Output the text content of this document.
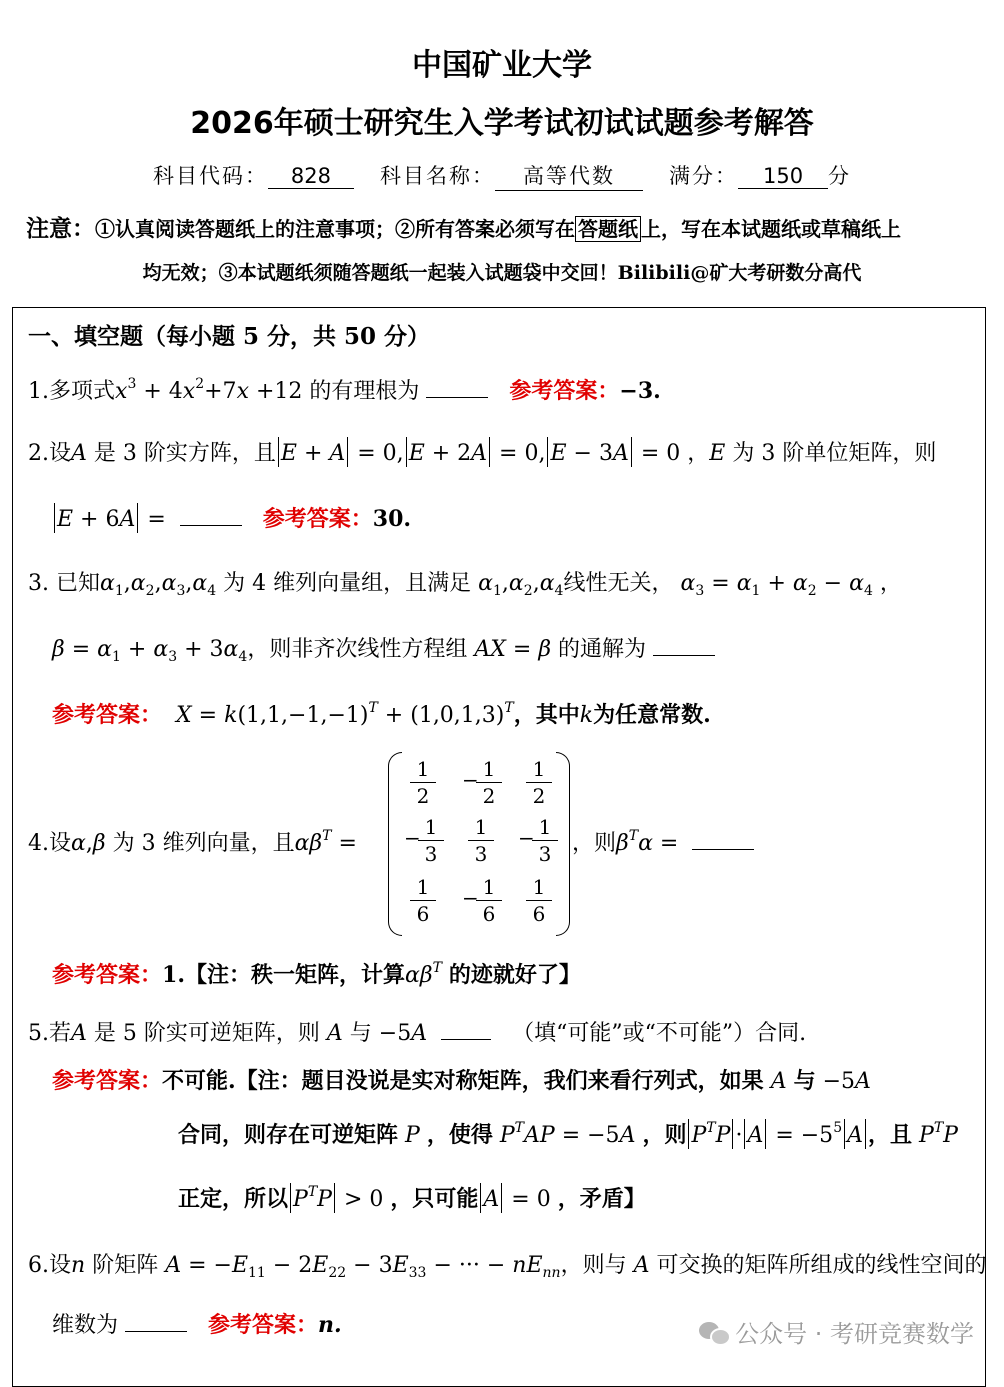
中国矿业大学
2026年硕士研究生入学考试初试试题参考解答
科目代码： 828 科目名称： 高等代数	满分： 150 分
注意：①认真阅读答题纸上的注意事项；②所有答案必须写在 答题纸 上，写在本试题纸或草稿纸上
均无效；③本试题纸须随答题纸一起装入试题袋中交回！Bilibili@矿大考研数分高代
一、填空题（每小题 5 分，共 50 分）
1.多项式$x^3 + 4x^2+7x +12$ 的有理根为	参考答案：−3.
2.设A 是 3 阶实方阵，且 E + A = 0, E + 2A = 0, E − 3A = 0 ，E 为 3 阶单位矩阵，则
E + 6A =	参考答案：30.
3. 已知$\alpha_1,\alpha_2,\alpha_3,\alpha_4$ 为 4 维列向量组，且满足 $\alpha_1,\alpha_2,\alpha_4$线性无关， $\alpha_3 = \alpha_1 + \alpha_2 - \alpha_4$ ，
$\beta = \alpha_1 + \alpha_3 + 3\alpha_4$，则非齐次线性方程组 AX = β 的通解为
参考答案： $X = k(1,1,-1,-1)^T + (1,0,1,3)^T$，其中k为任意常数.
4.设α,β 为 3 维列向量，且$\alpha\beta^T$ =
$\frac{1}{2}$ −
$\frac{1}{2} \frac{1}{2}$
−
$\frac{1}{3} \frac{1}{3}$ −
$\frac{1}{3}$
$\frac{1}{6}$ −
$\frac{1}{6} \frac{1}{6}$
，则$\beta^T\alpha$ =
参考答案：1.【注：秩一矩阵，计算$\alpha\beta^T$ 的迹就好了】
5.若A 是 5 阶实可逆矩阵，则 A 与 −5A	（填“可能”或“不可能”）合同.
参考答案：不可能.【注：题目没说是实对称矩阵，我们来看行列式，如果 A 与 −5A
合同，则存在可逆矩阵 P ，使得 $P^TAP = -5A$ ，则 $P^TP \cdot A = -5^5$ A ，且 $P^TP$
正定，所以 $P^TP > 0$ ，只可能 A = 0 ，矛盾】
6.设n 阶矩阵 $A = -E_{11} - 2E_{22} - 3E_{33}$ − ··· − $nE_{nn}$，则与 A 可交换的矩阵所组成的线性空间的
维数为	参考答案：n.	公众号 · 考研竞赛数学
